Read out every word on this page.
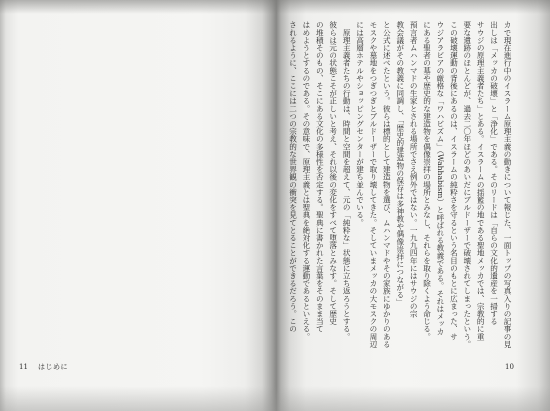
11 はじめに
カで現在進行中のイスラーム原理主義の動きについて報じた、一面トップの写真入りの記事の見
出しは「メッカの破壊」と「浄化」である。そのリードは「自らの文化的遺産を一掃する
サウジの原理主義者たち」とある。イスラームの揺籃の地である聖地メッカでは、宗教的に重
要な遺跡のほとんどが、過去二〇年ほどのあいだにブルドーザーで破壊されてしまったという。
この破壊運動の背後にあるのは、イスラームの純粋さを守るという名目のもとに広まった、サ
ウジアラビアの厳格な「ワハビズム」（Wahhabism）と呼ばれる教義である。それはメッカ
にある聖者の墓や歴史的な建造物を偶像崇拝の場所とみなし、それらを取り除くよう命じる。
預言者ムハンマドの生家とされる場所でさえ例外ではない。一九九四年にはサウジの宗
教会議がその教義に同調し、「歴史的建造物の保存は多神教や偶像崇拝につながる」
と公式に述べたという。彼らは標的として建造物を選び、ムハンマドやその家族にゆかりのある
モスクや墓地をつぎつぎとブルドーザーで取り壊してきた。そしていまメッカの大モスクの周辺
には高層ホテルやショッピングセンターが建ち並んでいる。
　原理主義者たちの行動は、時間と空間を超えて、元の「純粋な」状態に立ち返ろうとする。
彼らは元の状態こそが正しいと考え、それ以後の変化をすべて堕落とみなす。そして歴史
の堆積そのもの、そこにある文化の多様性を否定する。聖典に書かれた言葉をそのまま当て
はめようとするのである。その意味で、原理主義とは聖典を絶対化する運動であるといえる。
されるように、ここには二つの宗教的な世界観の衝突を見てとることができるだろう。この
10
